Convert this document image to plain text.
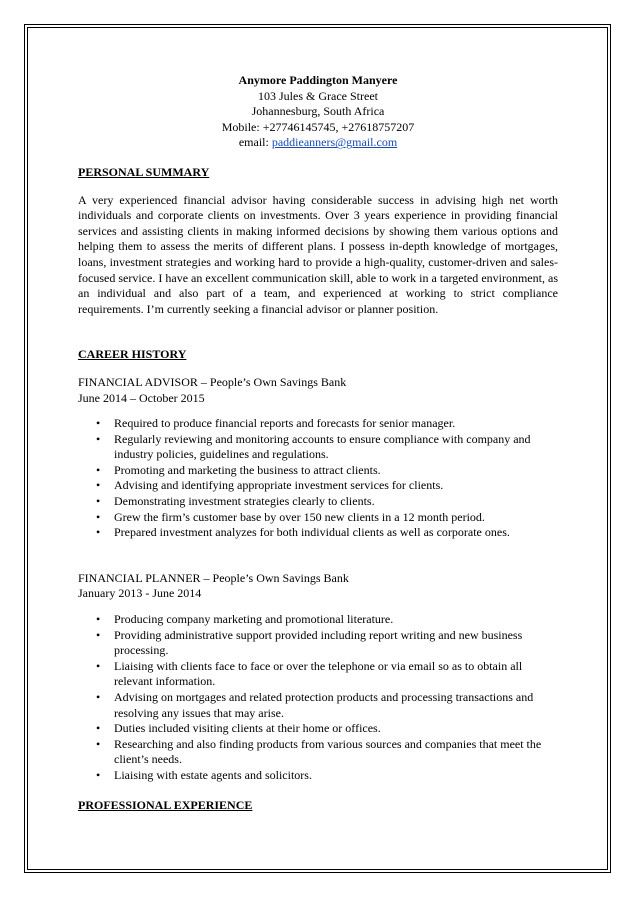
Anymore Paddington Manyere
103 Jules & Grace Street
Johannesburg, South Africa
Mobile: +27746145745, +27618757207
email: paddieanners@gmail.com
PERSONAL SUMMARY

A very experienced financial advisor having considerable success in advising high net worth individuals and corporate clients on investments. Over 3 years experience in providing financial services and assisting clients in making informed decisions by showing them various options and helping them to assess the merits of different plans. I possess in-depth knowledge of mortgages, loans, investment strategies and working hard to provide a high-quality, customer-driven and sales-focused service. I have an excellent communication skill, able to work in a targeted environment, as an individual and also part of a team, and experienced at working to strict compliance requirements. I’m currently seeking a financial advisor or planner position.

CAREER HISTORY

FINANCIAL ADVISOR – People’s Own Savings Bank

June 2014 – October 2015

• Required to produce financial reports and forecasts for senior manager.
• Regularly reviewing and monitoring accounts to ensure compliance with company and industry policies, guidelines and regulations.
• Promoting and marketing the business to attract clients.
• Advising and identifying appropriate investment services for clients.
• Demonstrating investment strategies clearly to clients.
• Grew the firm’s customer base by over 150 new clients in a 12 month period.
• Prepared investment analyzes for both individual clients as well as corporate ones.

FINANCIAL PLANNER – People’s Own Savings Bank

January 2013 - June 2014

• Producing company marketing and promotional literature.
• Providing administrative support provided including report writing and new business processing.
• Liaising with clients face to face or over the telephone or via email so as to obtain all relevant information.
• Advising on mortgages and related protection products and processing transactions and resolving any issues that may arise.
• Duties included visiting clients at their home or offices.
• Researching and also finding products from various sources and companies that meet the client’s needs.
• Liaising with estate agents and solicitors.
PROFESSIONAL EXPERIENCE
